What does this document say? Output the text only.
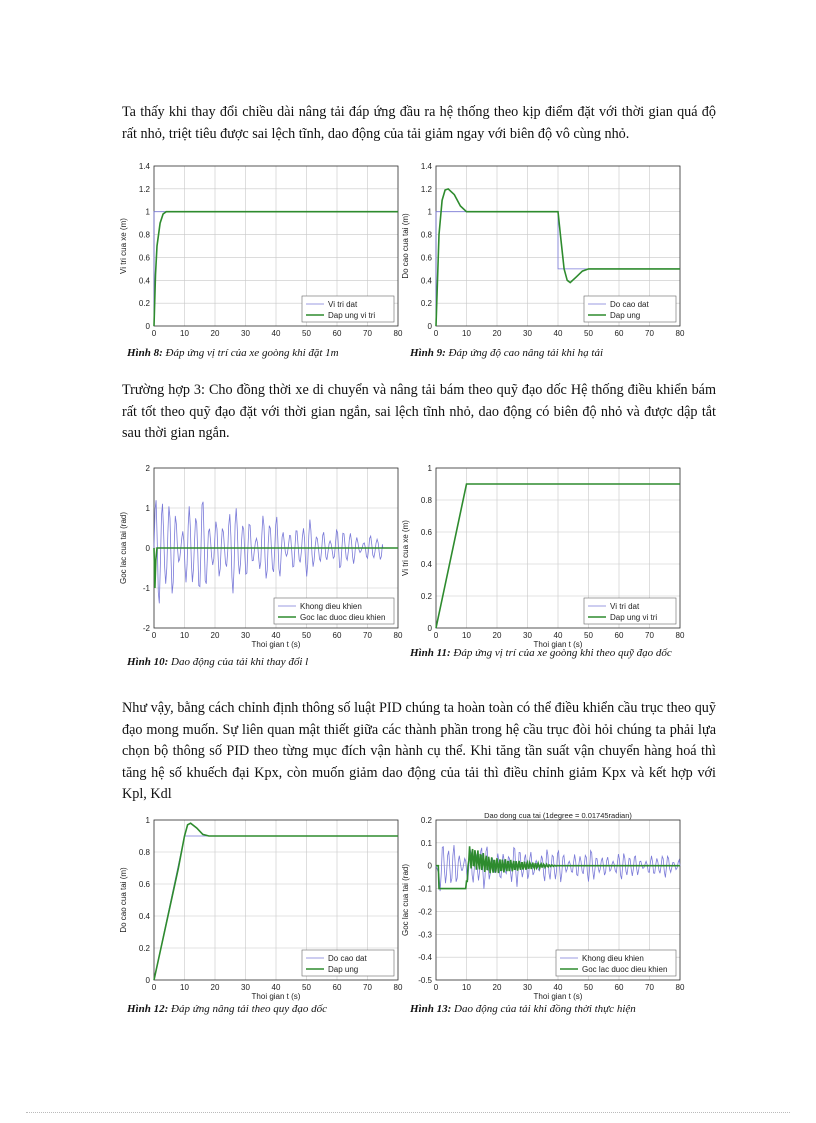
Ta thấy khi thay đổi chiều dài nâng tải đáp ứng đầu ra hệ thống theo kịp điểm đặt với thời gian quá độ rất nhỏ, triệt tiêu được sai lệch tĩnh, dao động của tải giảm ngay với biên độ vô cùng nhỏ.

0	10	20	30	40	50	60	70	80
0
0.2
0.4
0.6
0.8
1
1.2
1.4
Vi tri dat
Dap ung vi tri
Vi tri cua xe (m)
0	10	20	30	40	50	60	70	80
0
0.2
0.4
0.6
0.8
1
1.2
1.4
Do cao dat
Dap ung
Do cao cua tai (m)
Hình 8: Đáp ứng vị trí của xe goòng khi đặt 1m	Hình 9: Đáp ứng độ cao nâng tải khi hạ tải

Trường hợp 3: Cho đồng thời xe di chuyển và nâng tải bám theo quỹ đạo dốc Hệ thống điều khiển bám rất tốt theo quỹ đạo đặt với thời gian ngắn, sai lệch tĩnh nhỏ, dao động có biên độ nhỏ và được dập tắt sau thời gian ngắn.

0	10	20	30	40	50	60	70	80
-2
-1
0
1
2
Khong dieu khien
Goc lac duoc dieu khien
Goc lac cua tai (rad)
Thoi gian t (s)
0	10	20	30	40	50	60	70	80
0
0.2
0.4
0.6
0.8
1
Vi tri dat
Dap ung vi tri
Vi tri cua xe (m)
Thoi gian t (s)
Hình 10: Dao động của tải khi thay đổi l
Hình 11: Đáp ứng vị trí của xe goòng khi theo quỹ đạo dốc

Như vậy, bằng cách chỉnh định thông số luật PID chúng ta hoàn toàn có thể điều khiển cầu trục theo quỹ đạo mong muốn. Sự liên quan mật thiết giữa các thành phần trong hệ cầu trục đòi hỏi chúng ta phải lựa chọn bộ thông số PID theo từng mục đích vận hành cụ thể. Khi tăng tần suất vận chuyển hàng hoá thì tăng hệ số khuếch đại Kpx, còn muốn giảm dao động của tải thì điều chỉnh giảm Kpx và kết hợp với Kpl, Kdl

0	10	20	30	40	50	60	70	80
0
0.2
0.4
0.6
0.8
1
Do cao dat
Dap ung
Do cao cua tai (m)
Thoi gian t (s)
Dao dong cua tai (1degree = 0.01745radian)
0	10	20	30	40	50	60	70	80
-0.5
-0.4
-0.3
-0.2
-0.1
0
0.1
0.2
Khong dieu khien
Goc lac duoc dieu khien
Goc lac cua tai (rad)
Thoi gian t (s)
Hình 12: Đáp ứng nâng tải theo quy đạo dốc	Hình 13: Dao động của tải khi đồng thời thực hiện
